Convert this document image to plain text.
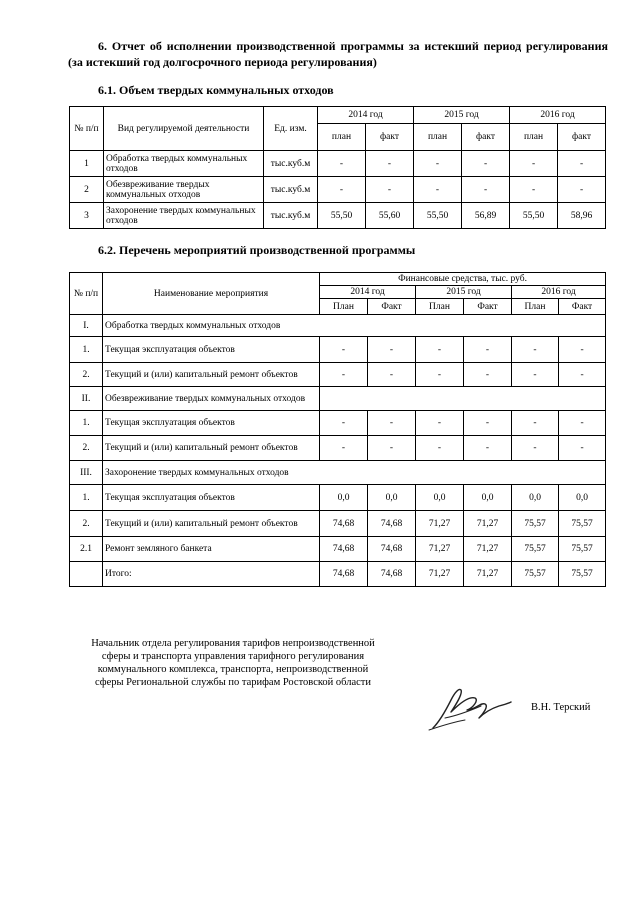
6. Отчет об исполнении производственной программы за истекший период регулирования (за истекший год долгосрочного периода регулирования)

6.1. Объем твердых коммунальных отходов

№ п/п	Вид регулируемой деятельности	Ед. изм.	2014 год		2015 год		2016 год	
			план	факт	план	факт	план	факт
1	Обработка твердых коммунальных отходов	тыс.куб.м	-	-	-	-	-	-
2	Обезвреживание твердых коммунальных отходов	тыс.куб.м	-	-	-	-	-	-
3	Захоронение твердых коммунальных отходов	тыс.куб.м	55,50	55,60	55,50	56,89	55,50	58,96

6.2. Перечень мероприятий производственной программы

№ п/п	Наименование мероприятия	Финансовые средства, тыс. руб.					
		2014 год		2015 год		2016 год	
		План	Факт	План	Факт	План	Факт
I.	Обработка твердых коммунальных отходов						
1.	Текущая эксплуатация объектов	-	-	-	-	-	-
2.	Текущий и (или) капитальный ремонт объектов	-	-	-	-	-	-
II.	Обезвреживание твердых коммунальных отходов						
1.	Текущая эксплуатация объектов	-	-	-	-	-	-
2.	Текущий и (или) капитальный ремонт объектов	-	-	-	-	-	-
III.	Захоронение твердых коммунальных отходов						
1.	Текущая эксплуатация объектов	0,0	0,0	0,0	0,0	0,0	0,0
2.	Текущий и (или) капитальный ремонт объектов	74,68	74,68	71,27	71,27	75,57	75,57
2.1	Ремонт земляного банкета	74,68	74,68	71,27	71,27	75,57	75,57
	Итого:	74,68	74,68	71,27	71,27	75,57	75,57

Начальник отдела регулирования тарифов непроизводственной сферы и транспорта управления тарифного регулирования коммунального комплекса, транспорта, непроизводственной сферы Региональной службы по тарифам Ростовской области

В.Н. Терский
